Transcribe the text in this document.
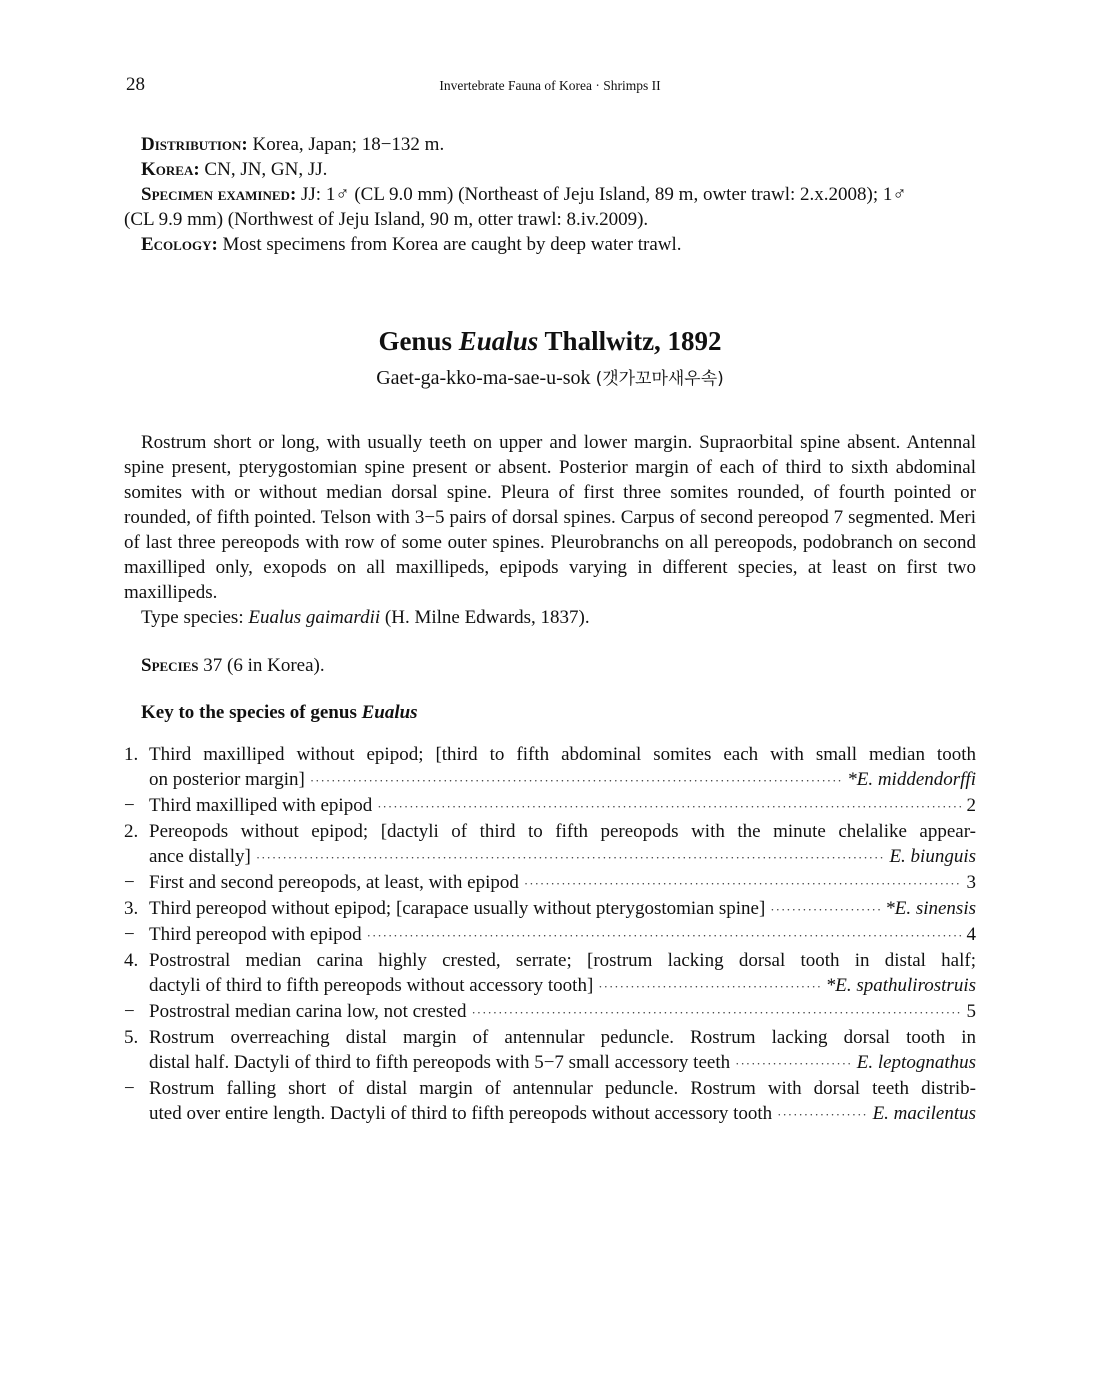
28	Invertebrate Fauna of Korea · Shrimps II
Distribution: Korea, Japan; 18−132 m.
Korea: CN, JN, GN, JJ.
Specimen examined: JJ: 1♂ (CL 9.0 mm) (Northeast of Jeju Island, 89 m, owter trawl: 2.x.2008); 1♂
(CL 9.9 mm) (Northwest of Jeju Island, 90 m, otter trawl: 8.iv.2009).
Ecology: Most specimens from Korea are caught by deep water trawl.
Genus Eualus Thallwitz, 1892
Gaet-ga-kko-ma-sae-u-sok (갯가꼬마새우속)

Rostrum short or long, with usually teeth on upper and lower margin. Supraorbital spine absent. Antennal spine present, pterygostomian spine present or absent. Posterior margin of each of third to sixth abdominal somites with or without median dorsal spine. Pleura of first three somites rounded, of fourth pointed or rounded, of fifth pointed. Telson with 3−5 pairs of dorsal spines. Carpus of second pereopod 7 segmented. Meri of last three pereopods with row of some outer spines. Pleurobranchs on all pereopods, podobranch on second maxilliped only, exopods on all maxillipeds, epipods varying in different species, at least on first two maxillipeds.

Type species: Eualus gaimardii (H. Milne Edwards, 1837).
Species 37 (6 in Korea).
Key to the species of genus Eualus
1. Third maxilliped without epipod; [third to fifth abdominal somites each with small median tooth
on posterior margin] ·····	*E. middendorffi
− Third maxilliped with epipod ·····	2
2. Pereopods without epipod; [dactyli of third to fifth pereopods with the minute chelalike appear-
ance distally] ·····	E. biunguis
− First and second pereopods, at least, with epipod ·····	3
3. Third pereopod without epipod; [carapace usually without pterygostomian spine] ·····	*E. sinensis
− Third pereopod with epipod ·····	4
4. Postrostral median carina highly crested, serrate; [rostrum lacking dorsal tooth in distal half;
dactyli of third to fifth pereopods without accessory tooth] ·····	*E. spathulirostruis
− Postrostral median carina low, not crested ·····	5
5. Rostrum overreaching distal margin of antennular peduncle. Rostrum lacking dorsal tooth in
distal half. Dactyli of third to fifth pereopods with 5−7 small accessory teeth ·····	E. leptognathus
− Rostrum falling short of distal margin of antennular peduncle. Rostrum with dorsal teeth distrib-
uted over entire length. Dactyli of third to fifth pereopods without accessory tooth ·····	E. macilentus
